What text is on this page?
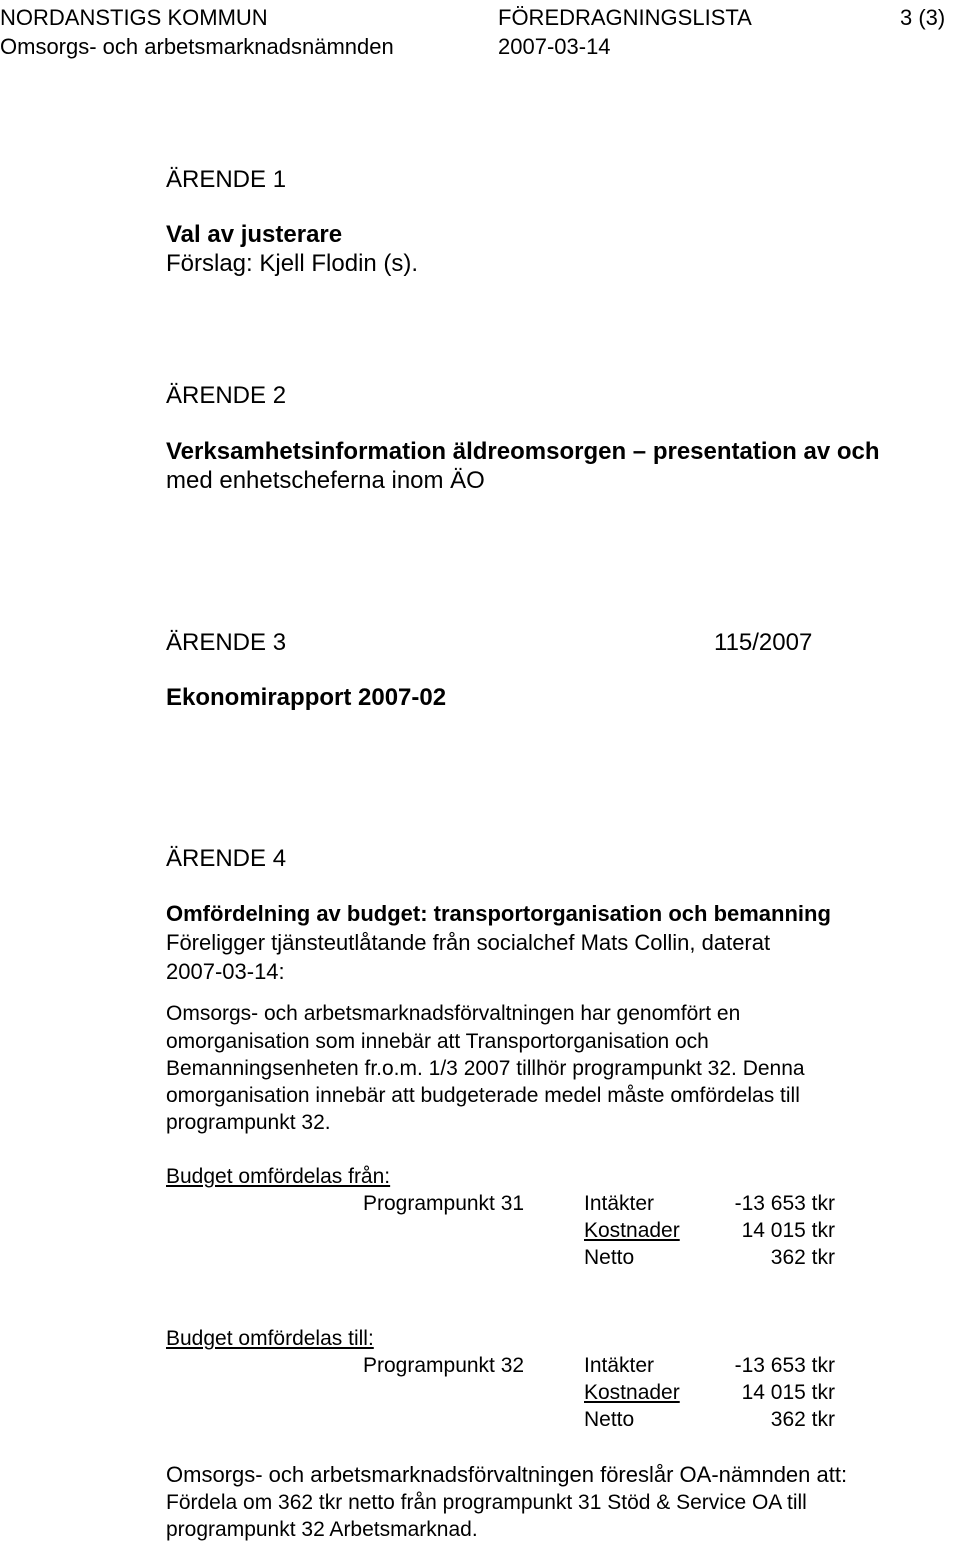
NORDANSTIGS KOMMUN	FÖREDRAGNINGSLISTA	3 (3)
Omsorgs- och arbetsmarknadsnämnden	2007-03-14
ÄRENDE 1
Val av justerare
Förslag: Kjell Flodin (s).
ÄRENDE 2
Verksamhetsinformation äldreomsorgen – presentation av och
med enhetscheferna inom ÄO
ÄRENDE 3	115/2007
Ekonomirapport 2007-02
ÄRENDE 4
Omfördelning av budget: transportorganisation och bemanning
Föreligger tjänsteutlåtande från socialchef Mats Collin, daterat
2007-03-14:
Omsorgs- och arbetsmarknadsförvaltningen har genomfört en
omorganisation som innebär att Transportorganisation och
Bemanningsenheten fr.o.m. 1/3 2007 tillhör programpunkt 32. Denna
omorganisation innebär att budgeterade medel måste omfördelas till
programpunkt 32.
Budget omfördelas från:
Programpunkt 31	Intäkter	-13 653 tkr
Kostnader	14 015 tkr
Netto	362 tkr
Budget omfördelas till:
Programpunkt 32	Intäkter	-13 653 tkr
Kostnader	14 015 tkr
Netto	362 tkr
Omsorgs- och arbetsmarknadsförvaltningen föreslår OA-nämnden att:
Fördela om 362 tkr netto från programpunkt 31 Stöd & Service OA till
programpunkt 32 Arbetsmarknad.
